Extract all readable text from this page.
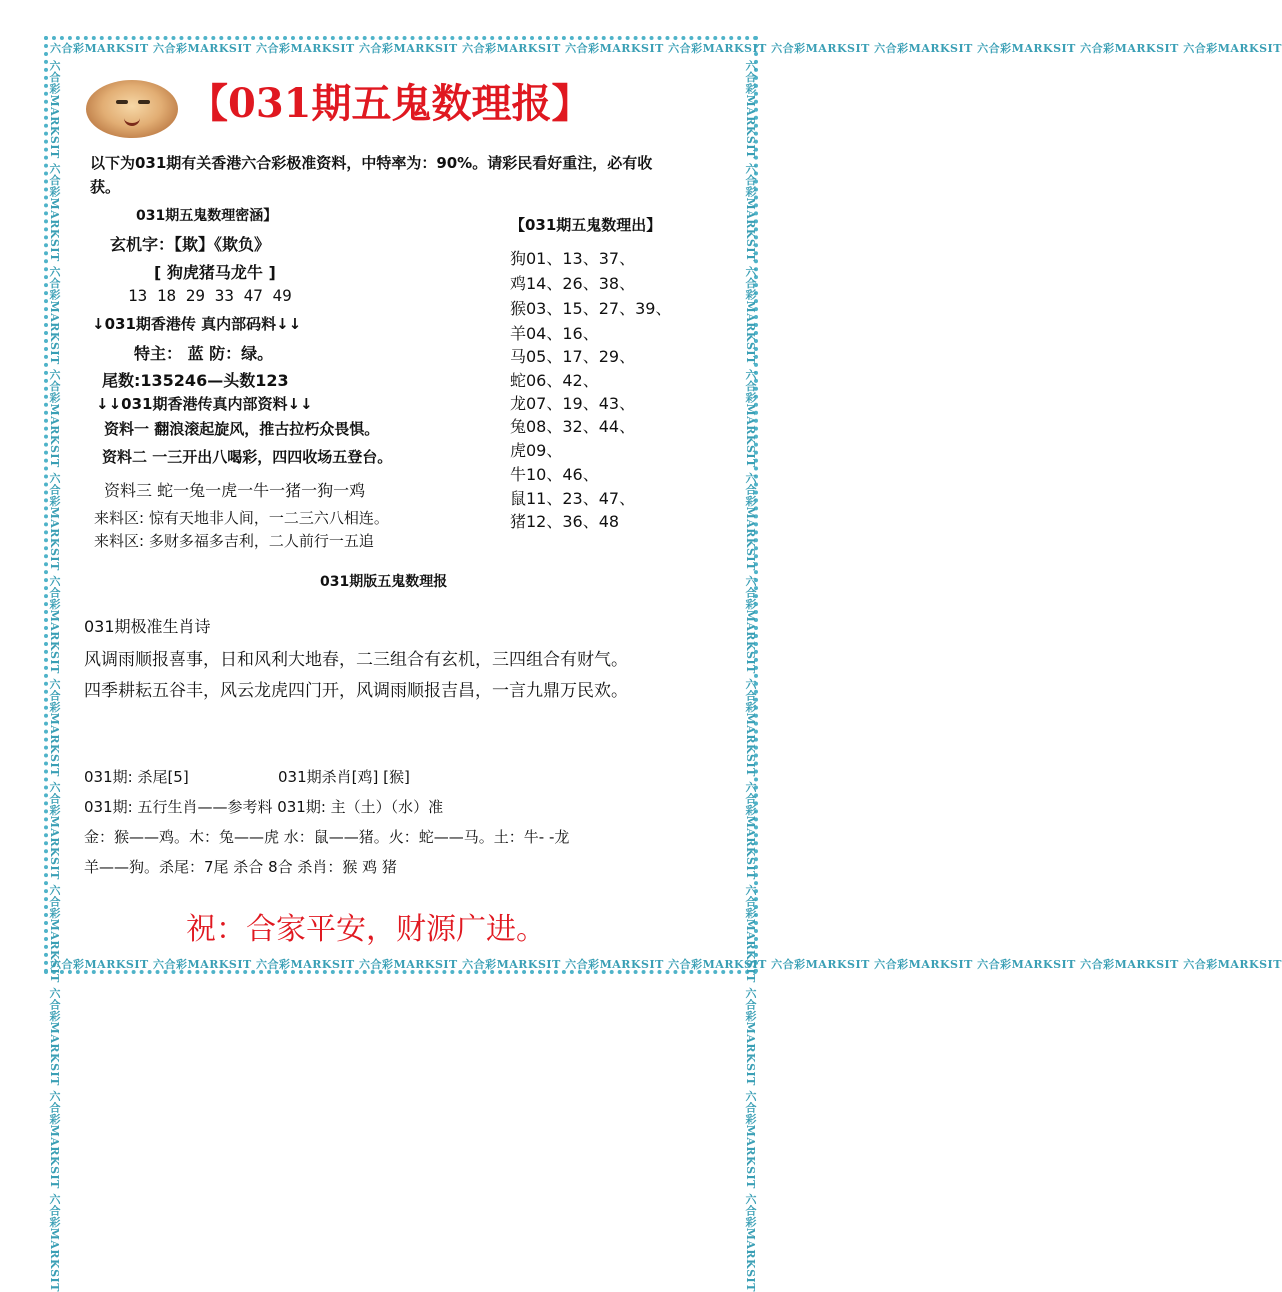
六合彩MARKSIT 六合彩MARKSIT 六合彩MARKSIT 六合彩MARKSIT 六合彩MARKSIT 六合彩MARKSIT 六合彩MARKSIT 六合彩MARKSIT 六合彩MARKSIT 六合彩MARKSIT 六合彩MARKSIT 六合彩MARKSIT
六合彩MARKSIT 六合彩MARKSIT 六合彩MARKSIT 六合彩MARKSIT 六合彩MARKSIT 六合彩MARKSIT 六合彩MARKSIT 六合彩MARKSIT 六合彩MARKSIT 六合彩MARKSIT 六合彩MARKSIT 六合彩MARKSIT
六合彩MARKSIT 六合彩MARKSIT 六合彩MARKSIT 六合彩MARKSIT 六合彩MARKSIT 六合彩MARKSIT 六合彩MARKSIT 六合彩MARKSIT 六合彩MARKSIT 六合彩MARKSIT 六合彩MARKSIT 六合彩MARKSIT	六合彩MARKSIT 六合彩MARKSIT 六合彩MARKSIT 六合彩MARKSIT 六合彩MARKSIT 六合彩MARKSIT 六合彩MARKSIT 六合彩MARKSIT 六合彩MARKSIT 六合彩MARKSIT 六合彩MARKSIT 六合彩MARKSIT
【031期五鬼数理报】
以下为031期有关香港六合彩极准资料，中特率为：90%。请彩民看好重注，必有收
获。
031期五鬼数理密涵】
玄机字：【欺】《欺负》
[ 狗虎猪马龙牛 ]
13 18 29 33 47 49
↓031期香港传 真内部码料↓↓
特主： 蓝 防：绿。
尾数:135246—头数123
↓↓031期香港传真内部资料↓↓
资料一 翻浪滚起旋风，推古拉朽众畏惧。
资料二 一三开出八喝彩，四四收场五登台。
资料三 蛇一兔一虎一牛一猪一狗一鸡
来料区: 惊有天地非人间，一二三六八相连。
来料区: 多财多福多吉利，二人前行一五追
【031期五鬼数理出】
狗01、13、37、
鸡14、26、38、
猴03、15、27、39、
羊04、16、
马05、17、29、
蛇06、42、
龙07、19、43、
兔08、32、44、
虎09、
牛10、46、
鼠11、23、47、
猪12、36、48
031期版五鬼数理报
031期极准生肖诗
风调雨顺报喜事，日和风利大地春，二三组合有玄机，三四组合有财气。
四季耕耘五谷丰，风云龙虎四门开，风调雨顺报吉昌，一言九鼎万民欢。
031期: 杀尾[5]	031期杀肖[鸡] [猴]
031期: 五行生肖——参考料 031期: 主（土）（水）准
金：猴——鸡。木：兔——虎 水：鼠——猪。火：蛇——马。土：牛- -龙
羊——狗。杀尾：7尾 杀合 8合 杀肖：猴 鸡 猪
祝：合家平安，财源广进。
